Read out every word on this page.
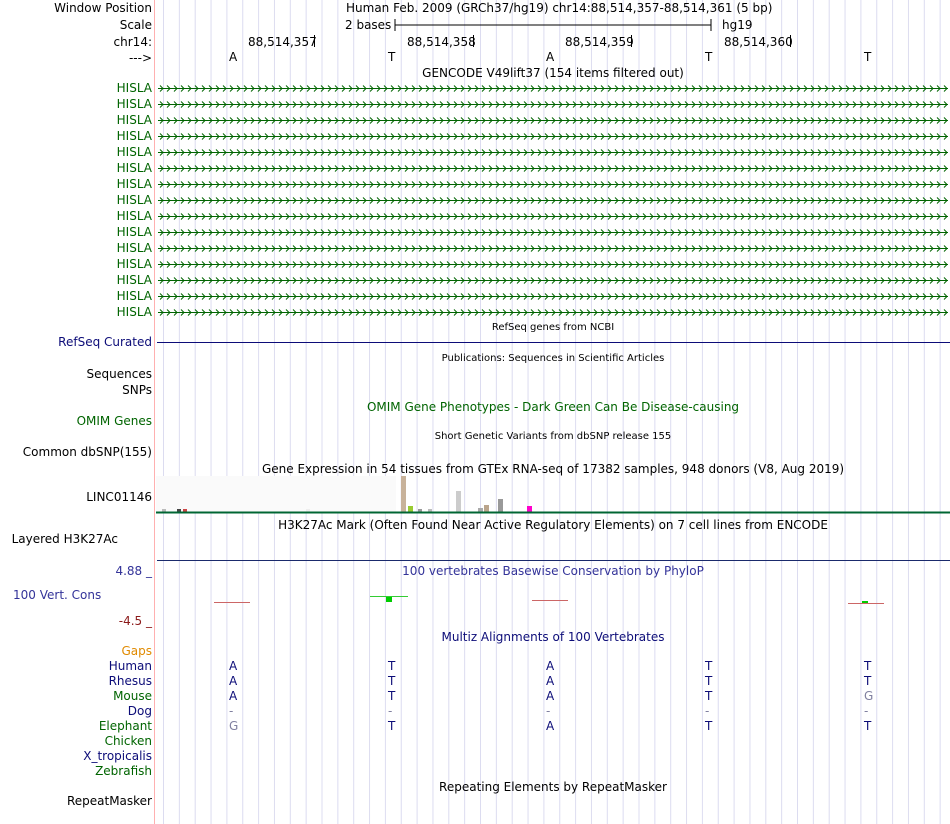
Window Position	Human Feb. 2009 (GRCh37/hg19) chr14:88,514,357-88,514,361 (5 bp)
Scale	2 bases	hg19
chr14:	88,514,357	88,514,358	88,514,359	88,514,360
--->	A	T	A	T	T
GENCODE V49lift37 (154 items filtered out)
HISLA
HISLA
HISLA
HISLA
HISLA
HISLA
HISLA
HISLA
HISLA
HISLA
HISLA
HISLA
HISLA
HISLA
HISLA
RefSeq genes from NCBI
RefSeq Curated
Publications: Sequences in Scientific Articles
Sequences
SNPs
OMIM Gene Phenotypes - Dark Green Can Be Disease-causing
OMIM Genes
Short Genetic Variants from dbSNP release 155
Common dbSNP(155)
Gene Expression in 54 tissues from GTEx RNA-seq of 17382 samples, 948 donors (V8, Aug 2019)
LINC01146
H3K27Ac Mark (Often Found Near Active Regulatory Elements) on 7 cell lines from ENCODE
Layered H3K27Ac
100 vertebrates Basewise Conservation by PhyloP
4.88 _
100 Vert. Cons
-4.5 _
Multiz Alignments of 100 Vertebrates
Gaps
Human	A	T	A	T	T
Rhesus	A	T	A	T	T
Mouse	A	T	A	T	G
Dog	-	-	-	-	-
Elephant	G	T	A	T	T
Chicken
X_tropicalis
Zebrafish
Repeating Elements by RepeatMasker
RepeatMasker
